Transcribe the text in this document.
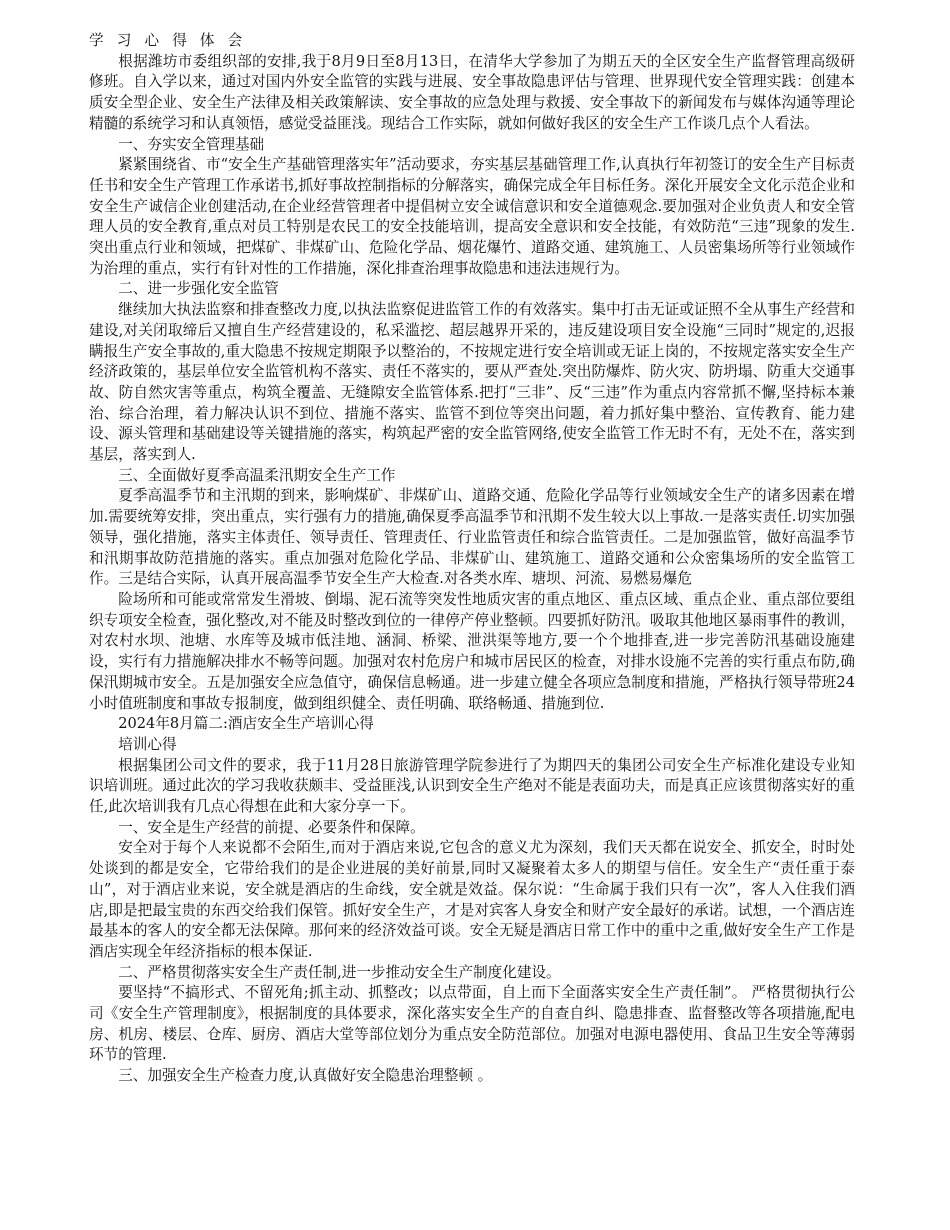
学习心得体会

根据潍坊市委组织部的安排,我于8月9日至8月13日，在清华大学参加了为期五天的全区安全生产监督管理高级研修班。自入学以来，通过对国内外安全监管的实践与进展、安全事故隐患评估与管理、世界现代安全管理实践：创建本质安全型企业、安全生产法律及相关政策解读、安全事故的应急处理与救援、安全事故下的新闻发布与媒体沟通等理论精髓的系统学习和认真领悟，感觉受益匪浅。现结合工作实际，就如何做好我区的安全生产工作谈几点个人看法。

一、夯实安全管理基础

紧紧围绕省、市“安全生产基础管理落实年”活动要求，夯实基层基础管理工作,认真执行年初签订的安全生产目标责任书和安全生产管理工作承诺书,抓好事故控制指标的分解落实，确保完成全年目标任务。深化开展安全文化示范企业和安全生产诚信企业创建活动,在企业经营管理者中提倡树立安全诚信意识和安全道德观念.要加强对企业负责人和安全管理人员的安全教育,重点对员工特别是农民工的安全技能培训，提高安全意识和安全技能，有效防范“三违”现象的发生.突出重点行业和领域，把煤矿、非煤矿山、危险化学品、烟花爆竹、道路交通、建筑施工、人员密集场所等行业领域作为治理的重点，实行有针对性的工作措施，深化排查治理事故隐患和违法违规行为。

二、进一步强化安全监管

继续加大执法监察和排查整改力度,以执法监察促进监管工作的有效落实。集中打击无证或证照不全从事生产经营和建设,对关闭取缔后又擅自生产经营建设的，私采滥挖、超层越界开采的，违反建设项目安全设施“三同时”规定的,迟报瞒报生产安全事故的,重大隐患不按规定期限予以整治的，不按规定进行安全培训或无证上岗的，不按规定落实安全生产经济政策的，基层单位安全监管机构不落实、责任不落实的，要从严查处.突出防爆炸、防火灾、防坍塌、防重大交通事故、防自然灾害等重点，构筑全覆盖、无缝隙安全监管体系.把打“三非”、反“三违”作为重点内容常抓不懈,坚持标本兼治、综合治理，着力解决认识不到位、措施不落实、监管不到位等突出问题，着力抓好集中整治、宣传教育、能力建设、源头管理和基础建设等关键措施的落实，构筑起严密的安全监管网络,使安全监管工作无时不有，无处不在，落实到基层，落实到人.

三、全面做好夏季高温柔汛期安全生产工作

夏季高温季节和主汛期的到来，影响煤矿、非煤矿山、道路交通、危险化学品等行业领域安全生产的诸多因素在增加.需要统筹安排，突出重点，实行强有力的措施,确保夏季高温季节和汛期不发生较大以上事故.一是落实责任.切实加强领导，强化措施，落实主体责任、领导责任、管理责任、行业监管责任和综合监管责任。二是加强监管，做好高温季节和汛期事故防范措施的落实。重点加强对危险化学品、非煤矿山、建筑施工、道路交通和公众密集场所的安全监管工作。三是结合实际，认真开展高温季节安全生产大检查.对各类水库、塘坝、河流、易燃易爆危

险场所和可能或常常发生滑坡、倒塌、泥石流等突发性地质灾害的重点地区、重点区域、重点企业、重点部位要组织专项安全检查，强化整改,对不能及时整改到位的一律停产停业整顿。四要抓好防汛。吸取其他地区暴雨事件的教训，对农村水坝、池塘、水库等及城市低洼地、涵洞、桥梁、泄洪渠等地方,要一个个地排查,进一步完善防汛基础设施建设，实行有力措施解决排水不畅等问题。加强对农村危房户和城市居民区的检查，对排水设施不完善的实行重点布防,确保汛期城市安全。五是加强安全应急值守，确保信息畅通。进一步建立健全各项应急制度和措施，严格执行领导带班24小时值班制度和事故专报制度，做到组织健全、责任明确、联络畅通、措施到位.

2024年8月篇二:酒店安全生产培训心得

培训心得

根据集团公司文件的要求，我于11月28日旅游管理学院参进行了为期四天的集团公司安全生产标准化建设专业知识培训班。通过此次的学习我收获颇丰、受益匪浅,认识到安全生产绝对不能是表面功夫，而是真正应该贯彻落实好的重任,此次培训我有几点心得想在此和大家分享一下。

一、安全是生产经营的前提、必要条件和保障。

安全对于每个人来说都不会陌生,而对于酒店来说,它包含的意义尤为深刻，我们天天都在说安全、抓安全，时时处处谈到的都是安全，它带给我们的是企业进展的美好前景,同时又凝聚着太多人的期望与信任。安全生产“责任重于泰山”，对于酒店业来说，安全就是酒店的生命线，安全就是效益。保尔说：“生命属于我们只有一次”，客人入住我们酒店,即是把最宝贵的东西交给我们保管。抓好安全生产，才是对宾客人身安全和财产安全最好的承诺。试想，一个酒店连最基本的客人的安全都无法保障。那何来的经济效益可谈。安全无疑是酒店日常工作中的重中之重,做好安全生产工作是酒店实现全年经济指标的根本保证.

二、严格贯彻落实安全生产责任制,进一步推动安全生产制度化建设。

要坚持“不搞形式、不留死角;抓主动、抓整改；以点带面，自上而下全面落实安全生产责任制”。 严格贯彻执行公司《安全生产管理制度》，根据制度的具体要求，深化落实安全生产的自查自纠、隐患排查、监督整改等各项措施,配电房、机房、楼层、仓库、厨房、酒店大堂等部位划分为重点安全防范部位。加强对电源电器使用、食品卫生安全等薄弱环节的管理.

三、加强安全生产检查力度,认真做好安全隐患治理整顿 。
